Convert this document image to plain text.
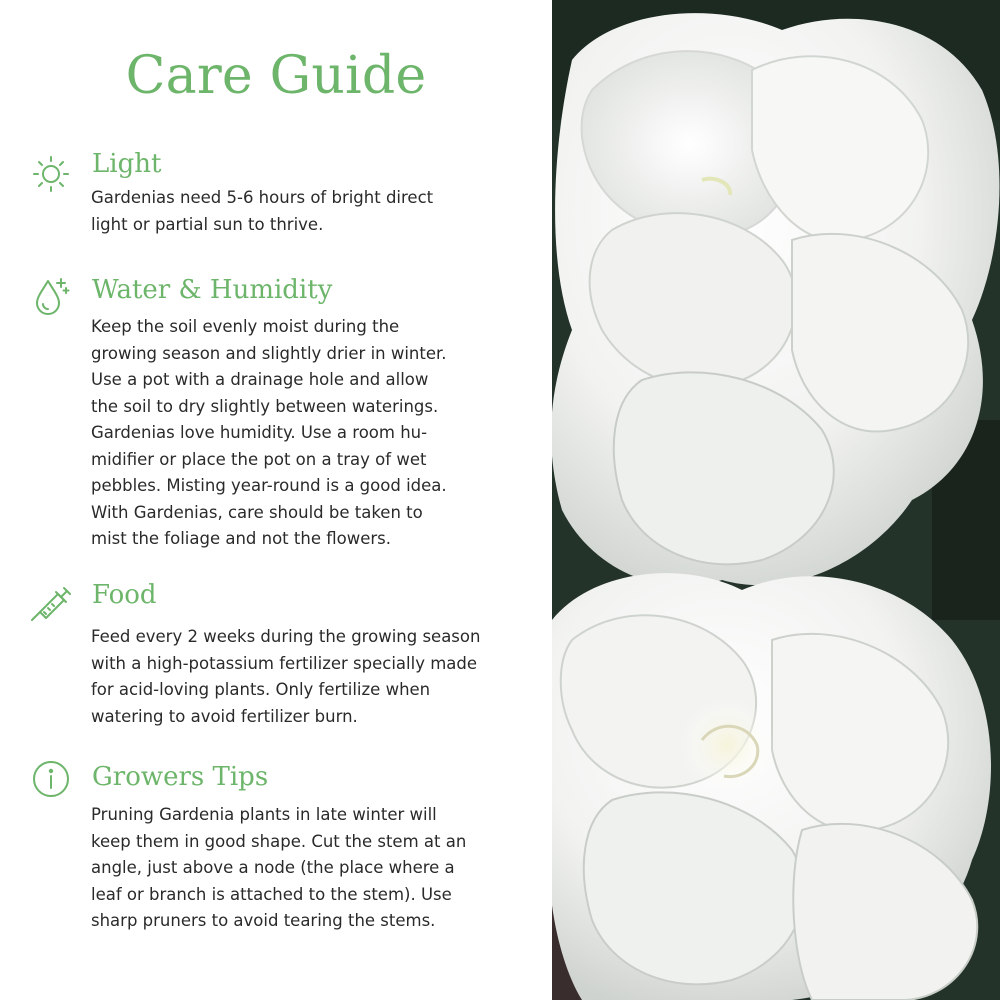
Care Guide
Light

Gardenias need 5-6 hours of bright direct
light or partial sun to thrive.

Water & Humidity

Keep the soil evenly moist during the
growing season and slightly drier in winter.
Use a pot with a drainage hole and allow
the soil to dry slightly between waterings.
Gardenias love humidity. Use a room hu-
midifier or place the pot on a tray of wet
pebbles. Misting year-round is a good idea.
With Gardenias, care should be taken to
mist the foliage and not the flowers.

Food

Feed every 2 weeks during the growing season
with a high-potassium fertilizer specially made
for acid-loving plants. Only fertilize when
watering to avoid fertilizer burn.

Growers Tips

Pruning Gardenia plants in late winter will
keep them in good shape. Cut the stem at an
angle, just above a node (the place where a
leaf or branch is attached to the stem). Use
sharp pruners to avoid tearing the stems.
